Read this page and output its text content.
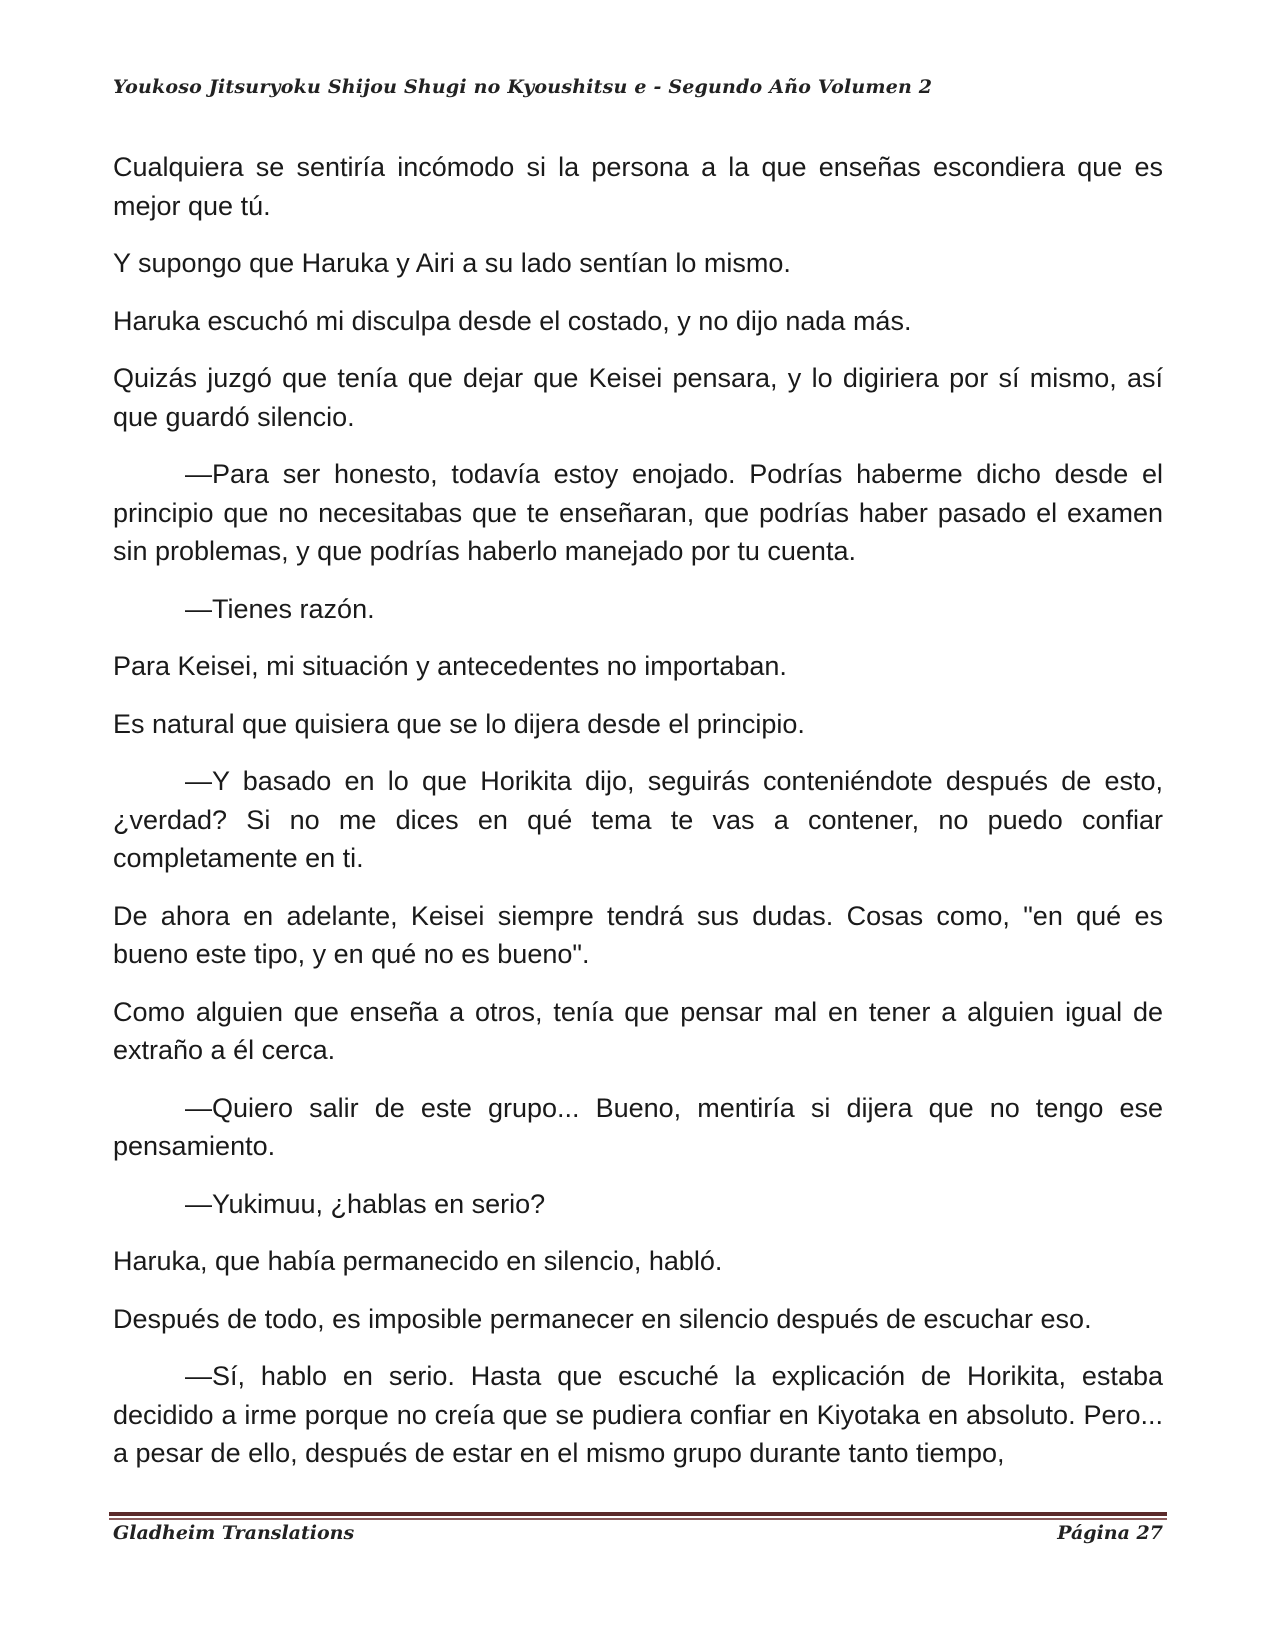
Youkoso Jitsuryoku Shijou Shugi no Kyoushitsu e - Segundo Año Volumen 2

Cualquiera se sentiría incómodo si la persona a la que enseñas escondiera que es mejor que tú.

Y supongo que Haruka y Airi a su lado sentían lo mismo.

Haruka escuchó mi disculpa desde el costado, y no dijo nada más.

Quizás juzgó que tenía que dejar que Keisei pensara, y lo digiriera por sí mismo, así que guardó silencio.

—Para ser honesto, todavía estoy enojado. Podrías haberme dicho desde el principio que no necesitabas que te enseñaran, que podrías haber pasado el examen sin problemas, y que podrías haberlo manejado por tu cuenta.

—Tienes razón.

Para Keisei, mi situación y antecedentes no importaban.

Es natural que quisiera que se lo dijera desde el principio.

—Y basado en lo que Horikita dijo, seguirás conteniéndote después de esto, ¿verdad? Si no me dices en qué tema te vas a contener, no puedo confiar completamente en ti.

De ahora en adelante, Keisei siempre tendrá sus dudas. Cosas como, "en qué es bueno este tipo, y en qué no es bueno".

Como alguien que enseña a otros, tenía que pensar mal en tener a alguien igual de extraño a él cerca.

—Quiero salir de este grupo... Bueno, mentiría si dijera que no tengo ese pensamiento.

—Yukimuu, ¿hablas en serio?

Haruka, que había permanecido en silencio, habló.

Después de todo, es imposible permanecer en silencio después de escuchar eso.

—Sí, hablo en serio. Hasta que escuché la explicación de Horikita, estaba decidido a irme porque no creía que se pudiera confiar en Kiyotaka en absoluto. Pero... a pesar de ello, después de estar en el mismo grupo durante tanto tiempo,

Gladheim Translations	Página 27
